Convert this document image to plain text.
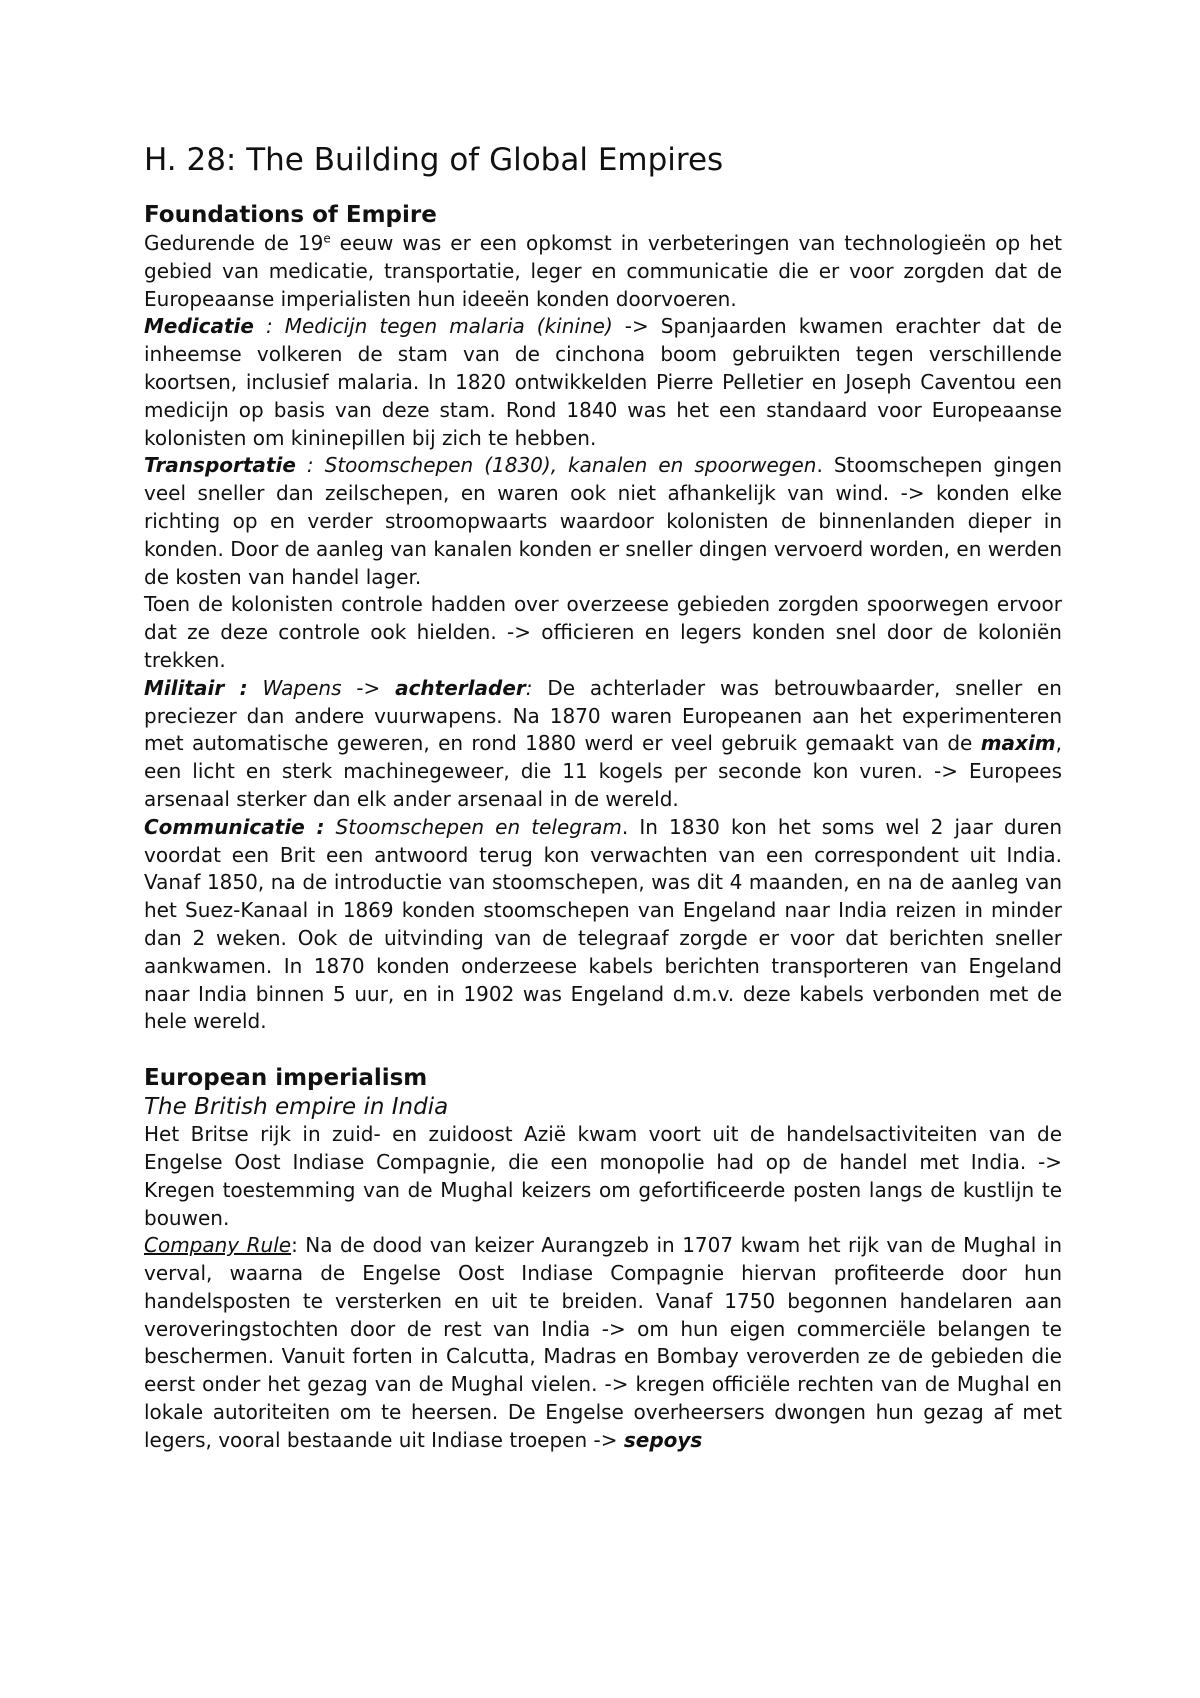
H. 28: The Building of Global Empires
Foundations of Empire

Gedurende de 19e eeuw was er een opkomst in verbeteringen van technologieën op het gebied van medicatie, transportatie, leger en communicatie die er voor zorgden dat de Europeaanse imperialisten hun ideeën konden doorvoeren.

Medicatie : Medicijn tegen malaria (kinine) -> Spanjaarden kwamen erachter dat de inheemse volkeren de stam van de cinchona boom gebruikten tegen verschillende koortsen, inclusief malaria. In 1820 ontwikkelden Pierre Pelletier en Joseph Caventou een medicijn op basis van deze stam. Rond 1840 was het een standaard voor Europeaanse kolonisten om kininepillen bij zich te hebben.

Transportatie : Stoomschepen (1830), kanalen en spoorwegen. Stoomschepen gingen veel sneller dan zeilschepen, en waren ook niet afhankelijk van wind. -> konden elke richting op en verder stroomopwaarts waardoor kolonisten de binnenlanden dieper in konden. Door de aanleg van kanalen konden er sneller dingen vervoerd worden, en werden de kosten van handel lager.

Toen de kolonisten controle hadden over overzeese gebieden zorgden spoorwegen ervoor dat ze deze controle ook hielden. -> officieren en legers konden snel door de koloniën trekken.

Militair : Wapens -> achterlader: De achterlader was betrouwbaarder, sneller en preciezer dan andere vuurwapens. Na 1870 waren Europeanen aan het experimenteren met automatische geweren, en rond 1880 werd er veel gebruik gemaakt van de maxim, een licht en sterk machinegeweer, die 11 kogels per seconde kon vuren. -> Europees arsenaal sterker dan elk ander arsenaal in de wereld.

Communicatie : Stoomschepen en telegram. In 1830 kon het soms wel 2 jaar duren voordat een Brit een antwoord terug kon verwachten van een correspondent uit India. Vanaf 1850, na de introductie van stoomschepen, was dit 4 maanden, en na de aanleg van het Suez-Kanaal in 1869 konden stoomschepen van Engeland naar India reizen in minder dan 2 weken. Ook de uitvinding van de telegraaf zorgde er voor dat berichten sneller aankwamen. In 1870 konden onderzeese kabels berichten transporteren van Engeland naar India binnen 5 uur, en in 1902 was Engeland d.m.v. deze kabels verbonden met de hele wereld.

European imperialism
The British empire in India

Het Britse rijk in zuid- en zuidoost Azië kwam voort uit de handelsactiviteiten van de Engelse Oost Indiase Compagnie, die een monopolie had op de handel met India. -> Kregen toestemming van de Mughal keizers om gefortificeerde posten langs de kustlijn te bouwen.

Company Rule: Na de dood van keizer Aurangzeb in 1707 kwam het rijk van de Mughal in verval, waarna de Engelse Oost Indiase Compagnie hiervan profiteerde door hun handelsposten te versterken en uit te breiden. Vanaf 1750 begonnen handelaren aan veroveringstochten door de rest van India -> om hun eigen commerciële belangen te beschermen. Vanuit forten in Calcutta, Madras en Bombay veroverden ze de gebieden die eerst onder het gezag van de Mughal vielen. -> kregen officiële rechten van de Mughal en lokale autoriteiten om te heersen. De Engelse overheersers dwongen hun gezag af met legers, vooral bestaande uit Indiase troepen -> sepoys
